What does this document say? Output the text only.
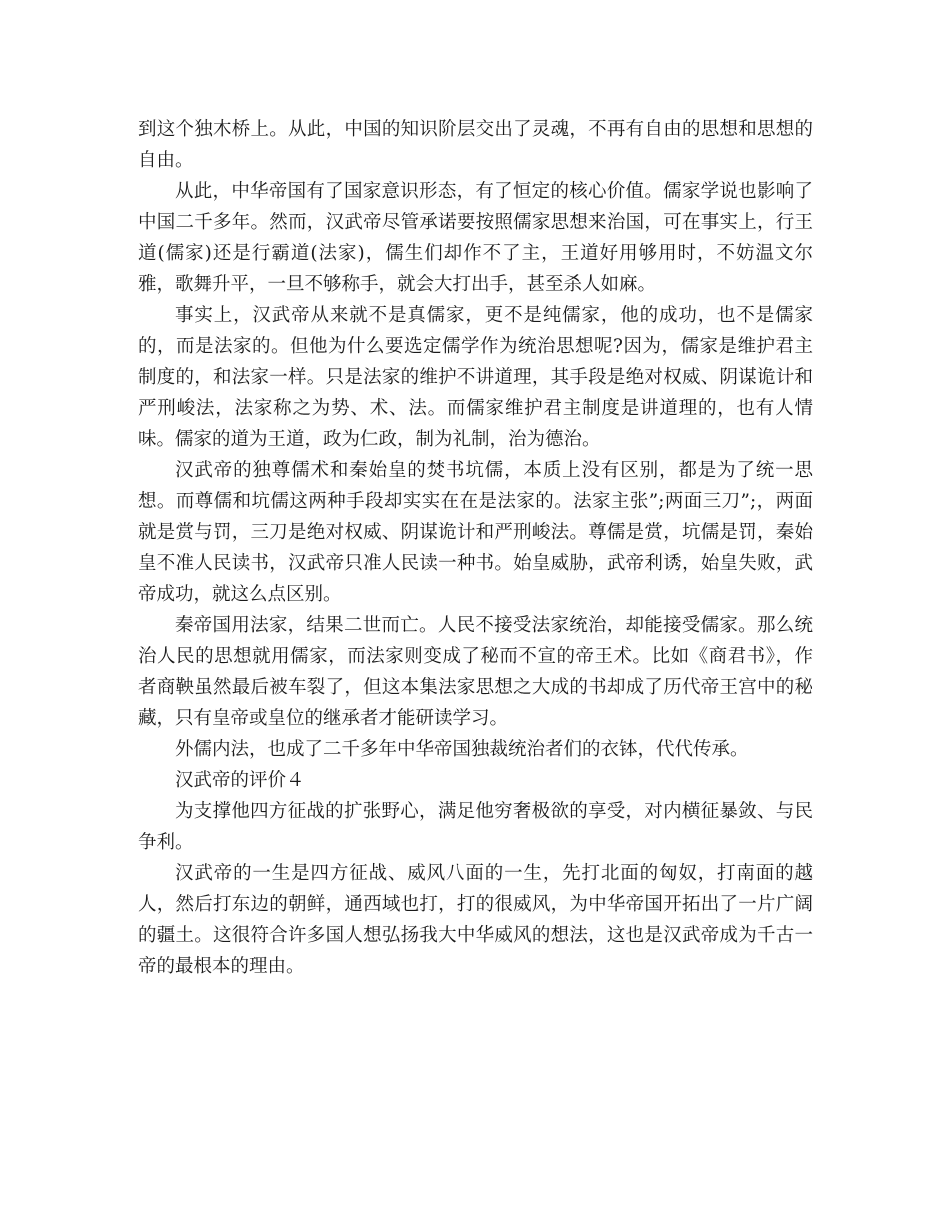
到这个独木桥上。从此，中国的知识阶层交出了灵魂，不再有自由的思想和思想的自由。

从此，中华帝国有了国家意识形态，有了恒定的核心价值。儒家学说也影响了中国二千多年。然而，汉武帝尽管承诺要按照儒家思想来治国，可在事实上，行王道(儒家)还是行霸道(法家)，儒生们却作不了主，王道好用够用时，不妨温文尔雅，歌舞升平，一旦不够称手，就会大打出手，甚至杀人如麻。

事实上，汉武帝从来就不是真儒家，更不是纯儒家，他的成功，也不是儒家的，而是法家的。但他为什么要选定儒学作为统治思想呢?因为，儒家是维护君主制度的，和法家一样。只是法家的维护不讲道理，其手段是绝对权威、阴谋诡计和严刑峻法，法家称之为势、术、法。而儒家维护君主制度是讲道理的，也有人情味。儒家的道为王道，政为仁政，制为礼制，治为德治。

汉武帝的独尊儒术和秦始皇的焚书坑儒，本质上没有区别，都是为了统一思想。而尊儒和坑儒这两种手段却实实在在是法家的。法家主张”;两面三刀”;，两面就是赏与罚，三刀是绝对权威、阴谋诡计和严刑峻法。尊儒是赏，坑儒是罚，秦始皇不准人民读书，汉武帝只准人民读一种书。始皇威胁，武帝利诱，始皇失败，武帝成功，就这么点区别。

秦帝国用法家，结果二世而亡。人民不接受法家统治，却能接受儒家。那么统治人民的思想就用儒家，而法家则变成了秘而不宣的帝王术。比如《商君书》，作者商鞅虽然最后被车裂了，但这本集法家思想之大成的书却成了历代帝王宫中的秘藏，只有皇帝或皇位的继承者才能研读学习。

外儒内法，也成了二千多年中华帝国独裁统治者们的衣钵，代代传承。

汉武帝的评价４

为支撑他四方征战的扩张野心，满足他穷奢极欲的享受，对内横征暴敛、与民争利。

汉武帝的一生是四方征战、威风八面的一生，先打北面的匈奴，打南面的越人，然后打东边的朝鲜，通西域也打，打的很威风，为中华帝国开拓出了一片广阔的疆土。这很符合许多国人想弘扬我大中华威风的想法，这也是汉武帝成为千古一帝的最根本的理由。
